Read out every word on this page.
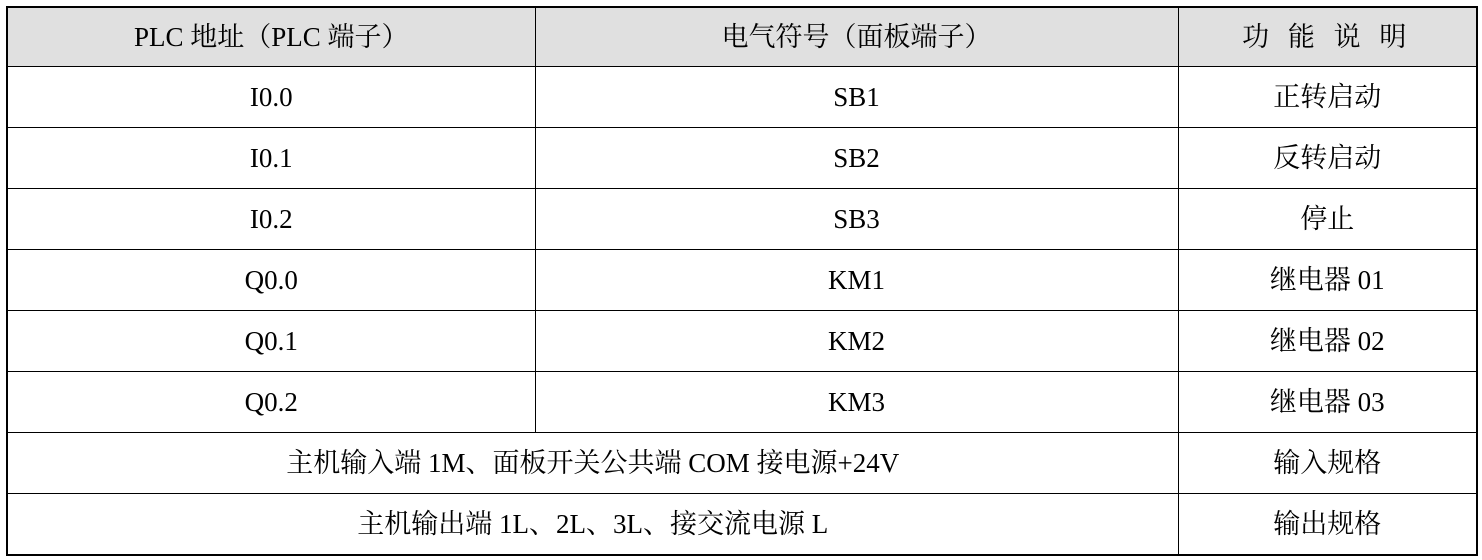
PLC 地址（PLC 端子）	电气符号（面板端子）	功 能 说 明
I0.0	SB1	正转启动
I0.1	SB2	反转启动
I0.2	SB3	停止
Q0.0	KM1	继电器 01
Q0.1	KM2	继电器 02
Q0.2	KM3	继电器 03
主机输入端 1M、面板开关公共端 COM 接电源+24V		输入规格
主机输出端 1L、2L、3L、接交流电源 L		输出规格
